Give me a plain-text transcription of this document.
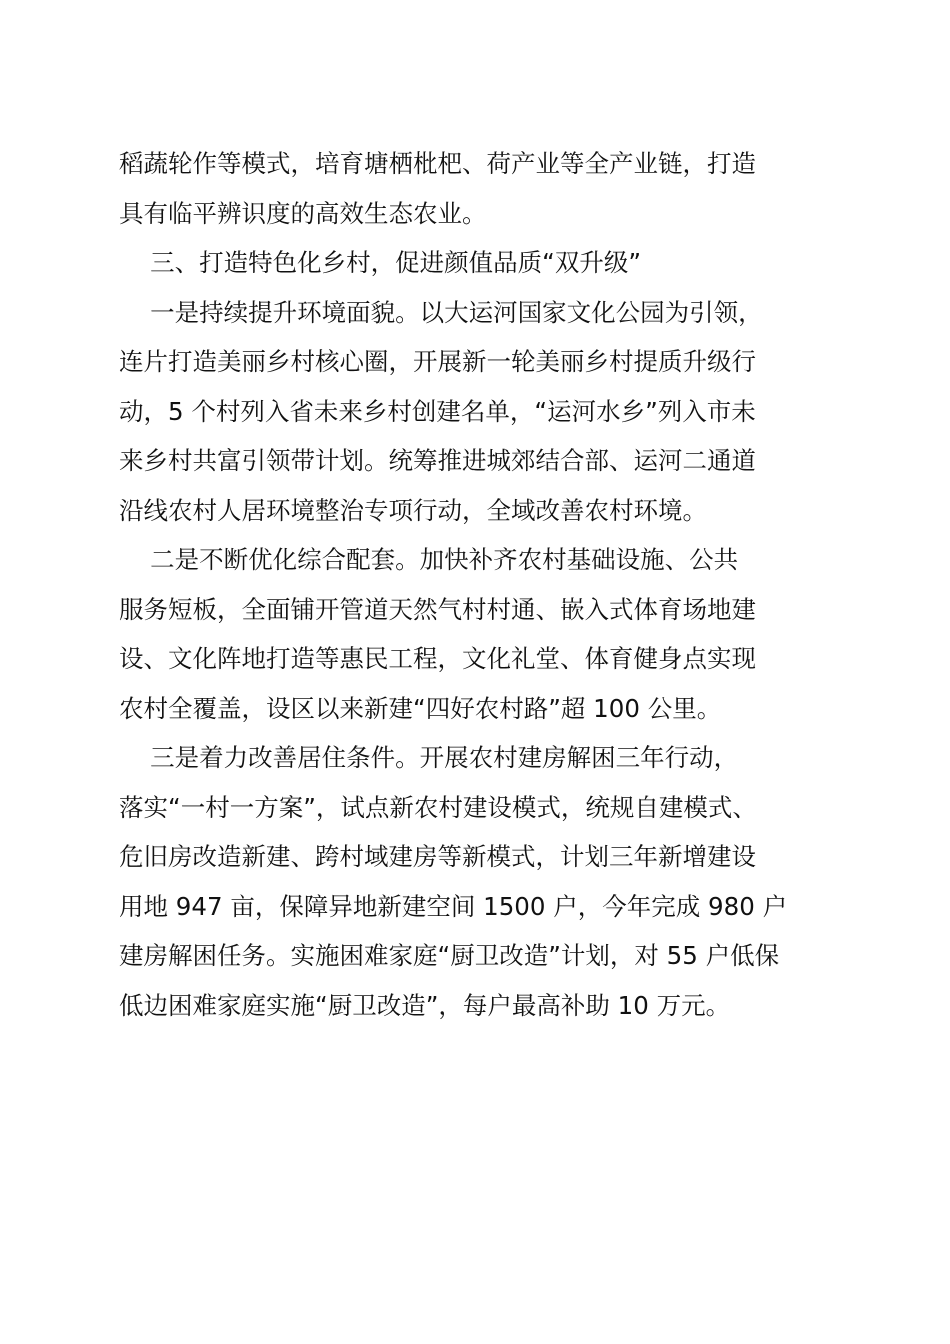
稻蔬轮作等模式，培育塘栖枇杷、荷产业等全产业链，打造
具有临平辨识度的高效生态农业。
三、打造特色化乡村，促进颜值品质“双升级”
一是持续提升环境面貌。以大运河国家文化公园为引领，
连片打造美丽乡村核心圈，开展新一轮美丽乡村提质升级行
动，5 个村列入省未来乡村创建名单，“运河水乡”列入市未
来乡村共富引领带计划。统筹推进城郊结合部、运河二通道
沿线农村人居环境整治专项行动，全域改善农村环境。
二是不断优化综合配套。加快补齐农村基础设施、公共
服务短板，全面铺开管道天然气村村通、嵌入式体育场地建
设、文化阵地打造等惠民工程，文化礼堂、体育健身点实现
农村全覆盖，设区以来新建“四好农村路”超 100 公里。
三是着力改善居住条件。开展农村建房解困三年行动，
落实“一村一方案”，试点新农村建设模式，统规自建模式、
危旧房改造新建、跨村域建房等新模式，计划三年新增建设
用地 947 亩，保障异地新建空间 1500 户，今年完成 980 户
建房解困任务。实施困难家庭“厨卫改造”计划，对 55 户低保
低边困难家庭实施“厨卫改造”，每户最高补助 10 万元。
